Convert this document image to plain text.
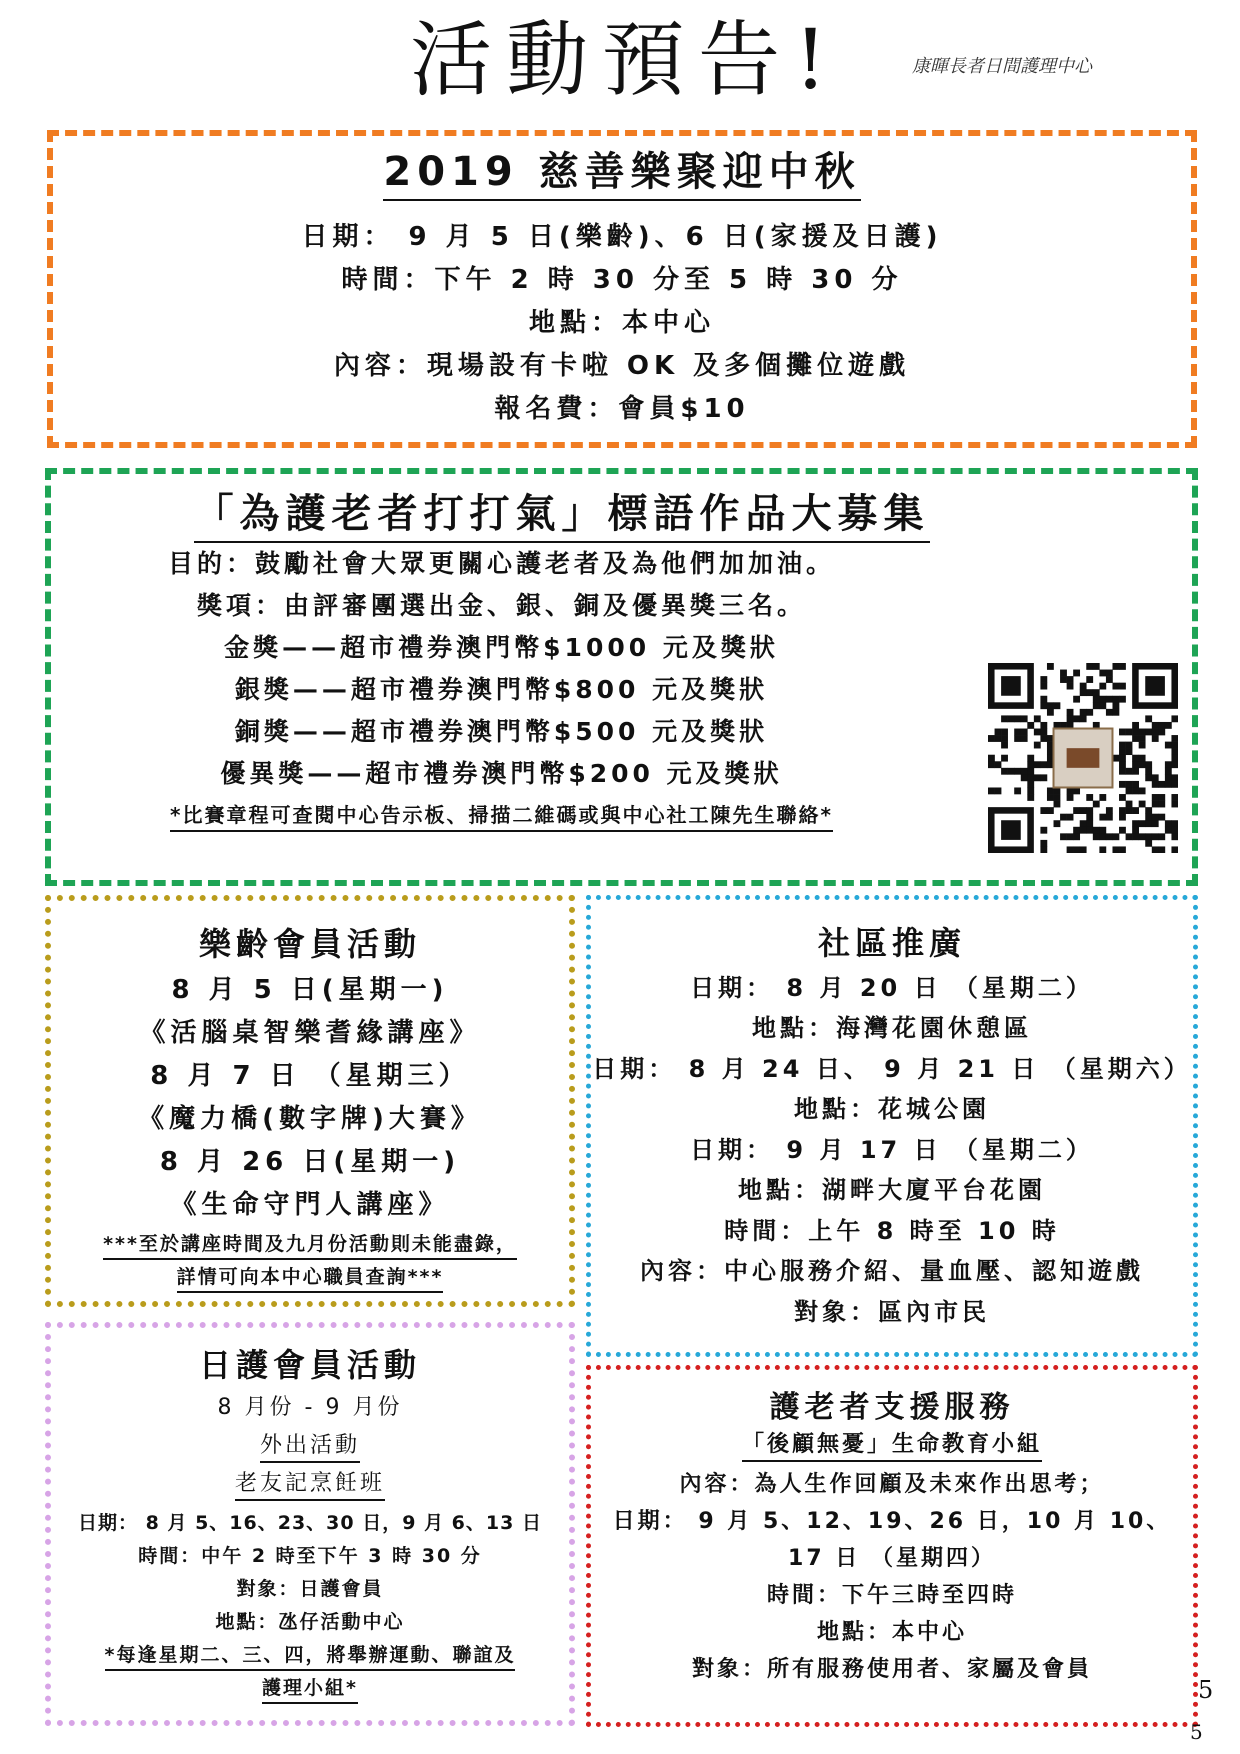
活動預告!	康暉長者日間護理中心
2019 慈善樂聚迎中秋
日期： 9 月 5 日(樂齡)、6 日(家援及日護)
時間：下午 2 時 30 分至 5 時 30 分
地點：本中心
內容：現場設有卡啦 OK 及多個攤位遊戲
報名費：會員$10
「為護老者打打氣」標語作品大募集
目的：鼓勵社會大眾更關心護老者及為他們加加油。
獎項：由評審團選出金、銀、銅及優異獎三名。
金獎——超市禮券澳門幣$1000 元及獎狀
銀獎——超市禮券澳門幣$800 元及獎狀
銅獎——超市禮券澳門幣$500 元及獎狀
優異獎——超市禮券澳門幣$200 元及獎狀
*比賽章程可查閱中心告示板、掃描二維碼或與中心社工陳先生聯絡*
樂齡會員活動
8 月 5 日(星期一)
《活腦桌智樂耆緣講座》
8 月 7 日 （星期三）
《魔力橋(數字牌)大賽》
8 月 26 日(星期一)
《生命守門人講座》
***至於講座時間及九月份活動則未能盡錄，
詳情可向本中心職員查詢***
社區推廣
日期： 8 月 20 日 （星期二）
地點：海灣花園休憩區
日期： 8 月 24 日、 9 月 21 日 （星期六）
地點：花城公園
日期： 9 月 17 日 （星期二）
地點：湖畔大廈平台花園
時間：上午 8 時至 10 時
內容：中心服務介紹、量血壓、認知遊戲
對象：區內市民
日護會員活動
8 月份 - 9 月份
外出活動
老友記烹飪班
日期： 8 月 5、16、23、30 日，9 月 6、13 日
時間：中午 2 時至下午 3 時 30 分
對象：日護會員
地點：氹仔活動中心
*每逢星期二、三、四，將舉辦運動、聯誼及
護理小組*
護老者支援服務
「後顧無憂」生命教育小組
內容：為人生作回顧及未來作出思考；
日期： 9 月 5、12、19、26 日，10 月 10、
17 日 （星期四）
時間：下午三時至四時
地點：本中心
對象：所有服務使用者、家屬及會員
5
5
